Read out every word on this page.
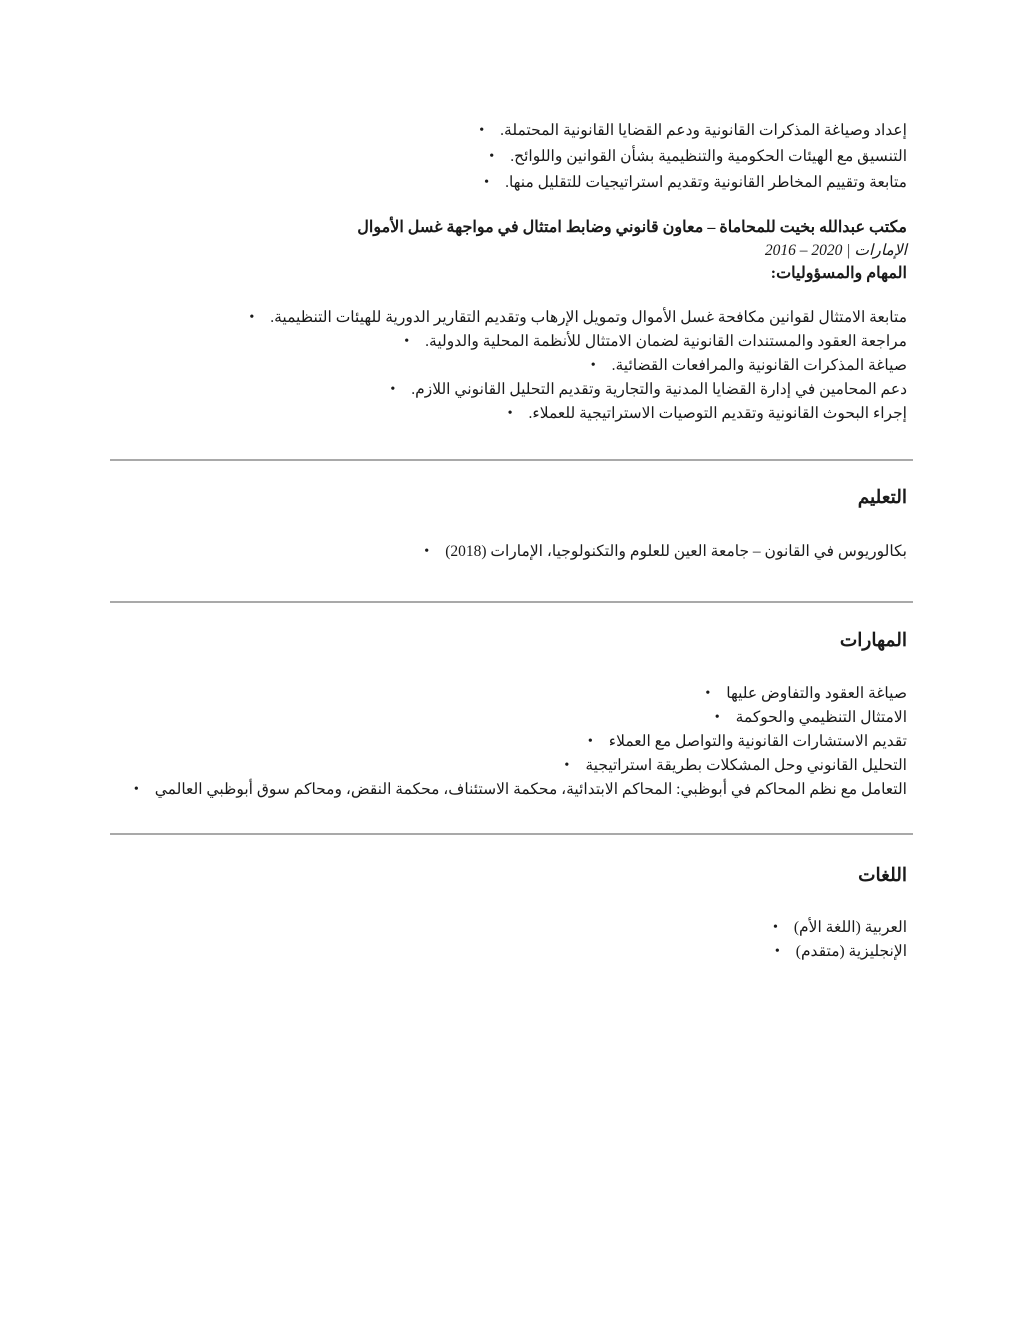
• إعداد وصياغة المذكرات القانونية ودعم القضايا القانونية المحتملة.
• التنسيق مع الهيئات الحكومية والتنظيمية بشأن القوانين واللوائح.
• متابعة وتقييم المخاطر القانونية وتقديم استراتيجيات للتقليل منها.
مكتب عبدالله بخيت للمحاماة – معاون قانوني وضابط امتثال في مواجهة غسل الأموال
الإمارات | 2020 – 2016
المهام والمسؤوليات:
• متابعة الامتثال لقوانين مكافحة غسل الأموال وتمويل الإرهاب وتقديم التقارير الدورية للهيئات التنظيمية.
• مراجعة العقود والمستندات القانونية لضمان الامتثال للأنظمة المحلية والدولية.
• صياغة المذكرات القانونية والمرافعات القضائية.
• دعم المحامين في إدارة القضايا المدنية والتجارية وتقديم التحليل القانوني اللازم.
• إجراء البحوث القانونية وتقديم التوصيات الاستراتيجية للعملاء.
التعليم
• بكالوريوس في القانون – جامعة العين للعلوم والتكنولوجيا، الإمارات (2018)
المهارات
• صياغة العقود والتفاوض عليها
• الامتثال التنظيمي والحوكمة
• تقديم الاستشارات القانونية والتواصل مع العملاء
• التحليل القانوني وحل المشكلات بطريقة استراتيجية
• التعامل مع نظم المحاكم في أبوظبي: المحاكم الابتدائية، محكمة الاستئناف، محكمة النقض، ومحاكم سوق أبوظبي العالمي
اللغات
• العربية (اللغة الأم)
• الإنجليزية (متقدم)
